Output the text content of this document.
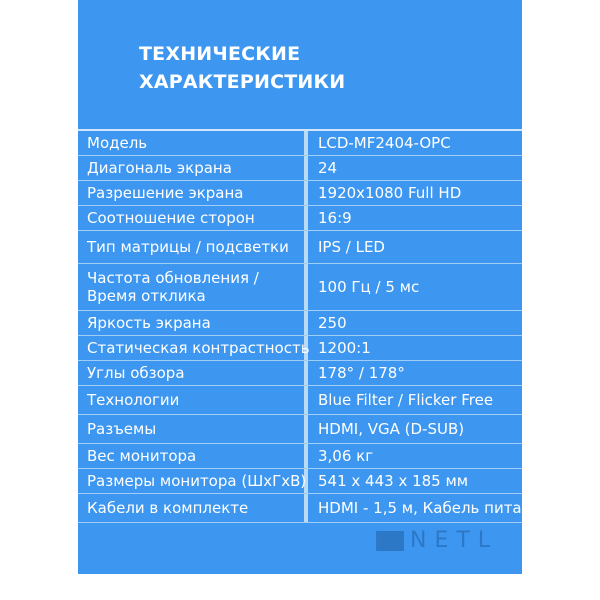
ТЕХНИЧЕСКИЕ
ХАРАКТЕРИСТИКИ
Модель	LCD-MF2404-OPC
Диагональ экрана	24
Разрешение экрана	1920x1080 Full HD
Соотношение сторон	16:9
Тип матрицы / подсветки	IPS / LED
Частота обновления / Время отклика	100 Гц / 5 мс
Яркость экрана	250
Статическая контрастность 1200:1
Углы обзора	178° / 178°
Технологии	Blue Filter / Flicker Free
Разъемы	HDMI, VGA (D-SUB)
Вес монитора	3,06 кг
Размеры монитора (ШхГхВ) 541 x 443 x 185 мм
Кабели в комплекте	HDMI - 1,5 м, Кабель пита
NETL
